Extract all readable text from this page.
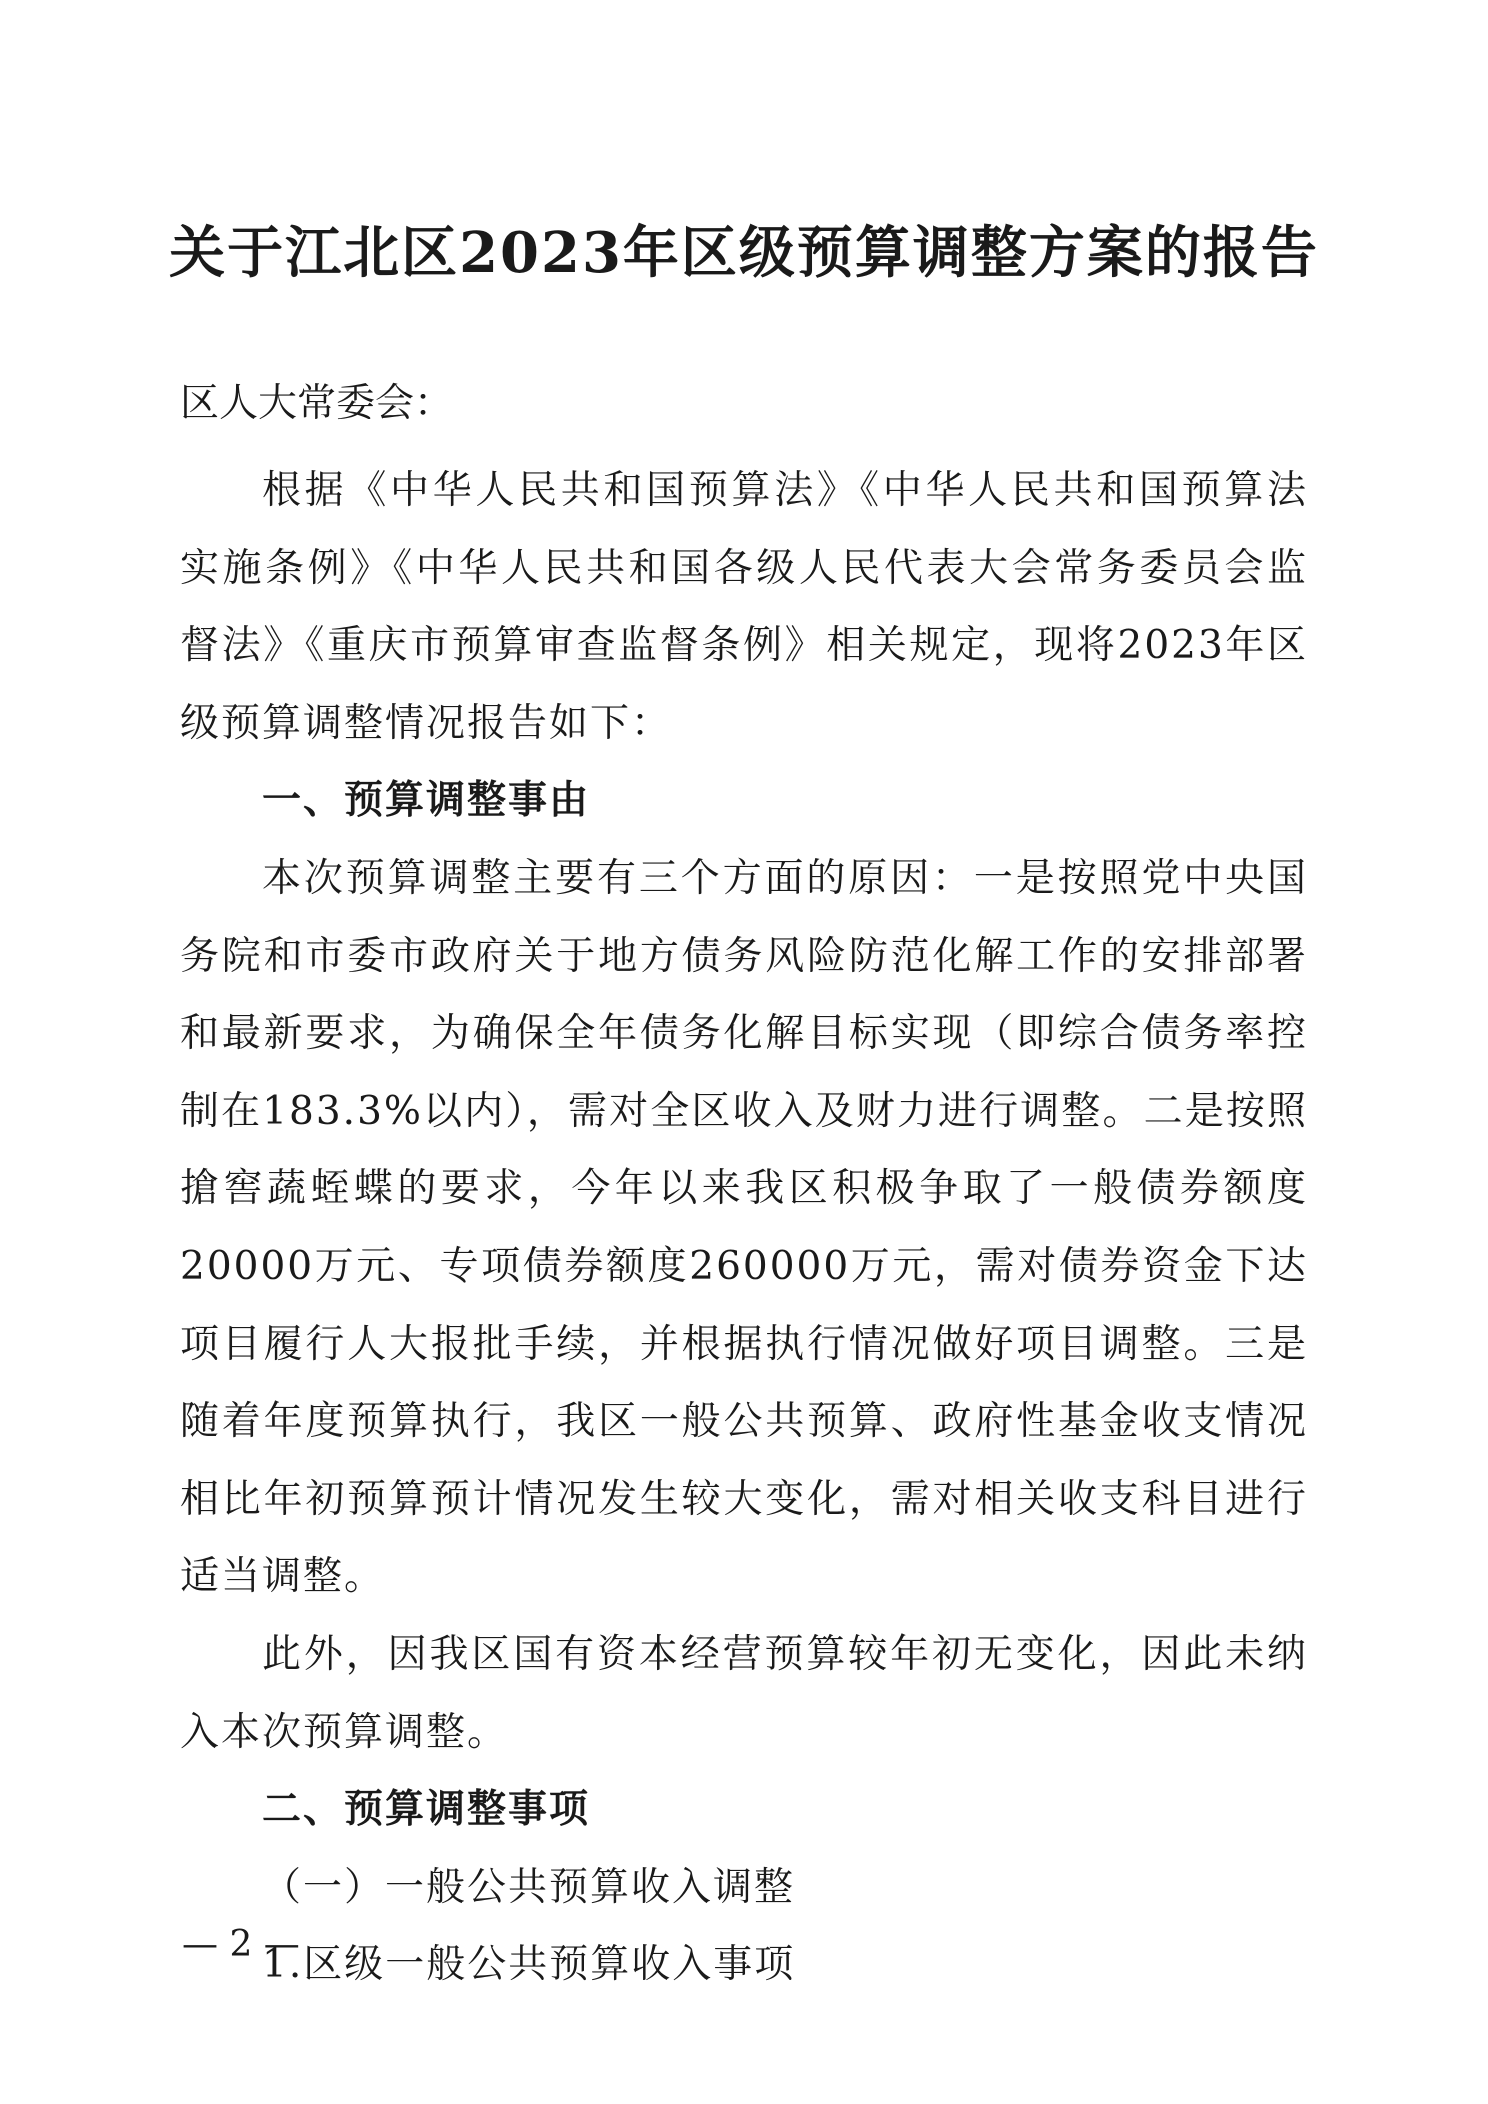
关于江北区2023年区级预算调整方案的报告
区人大常委会：

根据《中华人民共和国预算法》《中华人民共和国预算法实施条例》《中华人民共和国各级人民代表大会常务委员会监督法》《重庆市预算审查监督条例》相关规定，现将2023年区级预算调整情况报告如下：

一、预算调整事由

本次预算调整主要有三个方面的原因：一是按照党中央国务院和市委市政府关于地方债务风险防范化解工作的安排部署和最新要求，为确保全年债务化解目标实现（即综合债务率控制在183.3%以内），需对全区收入及财力进行调整。二是按照搶窖蔬蛭蝶的要求，今年以来我区积极争取了一般债券额度20000万元、专项债券额度260000万元，需对债券资金下达项目履行人大报批手续，并根据执行情况做好项目调整。三是随着年度预算执行，我区一般公共预算、政府性基金收支情况相比年初预算预计情况发生较大变化，需对相关收支科目进行适当调整。

此外，因我区国有资本经营预算较年初无变化，因此未纳入本次预算调整。

二、预算调整事项

（一）一般公共预算收入调整

1.区级一般公共预算收入事项

— 2 —
